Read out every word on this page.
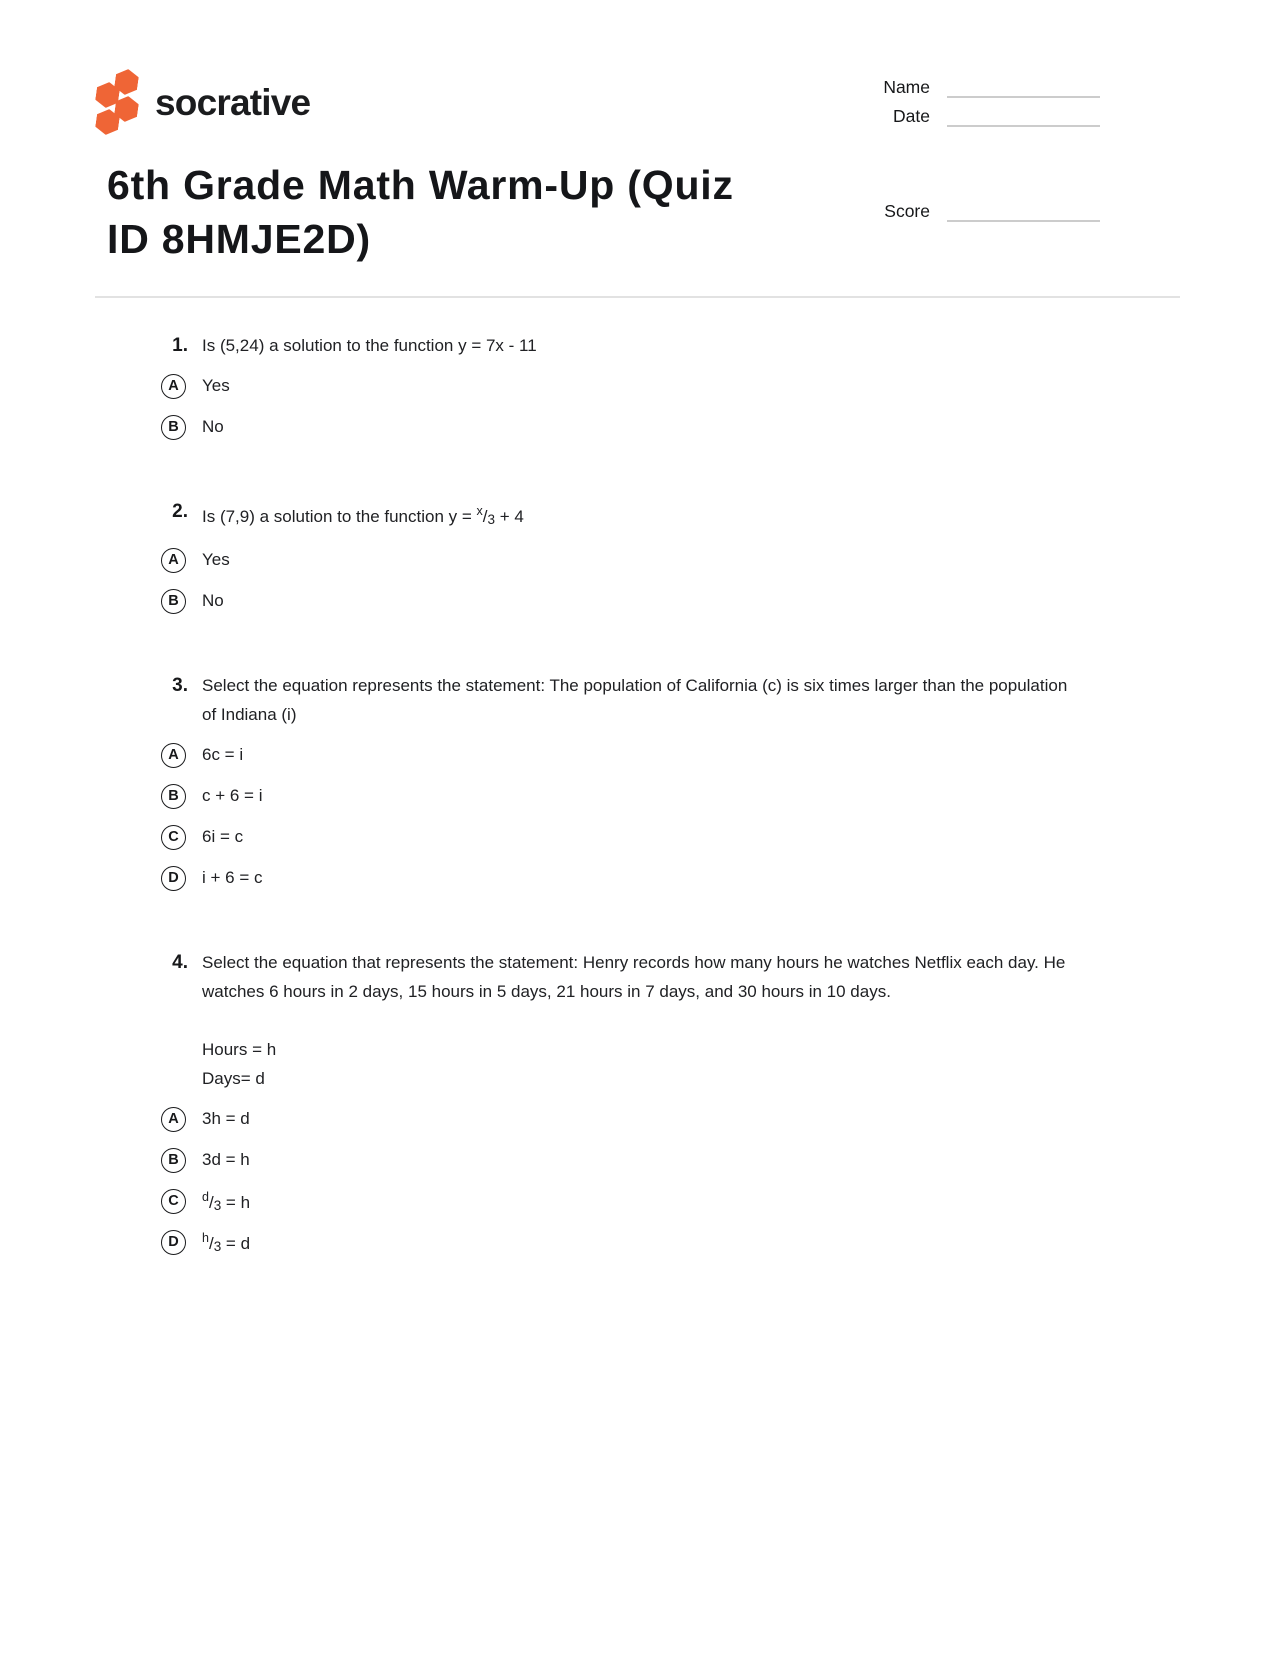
socrative	Name
Date
Score
6th Grade Math Warm-Up (Quiz
ID 8HMJE2D)
1. Is (5,24) a solution to the function y = 7x - 11

A	Yes
B	No
2. Is (7,9) a solution to the function y = $^x$/3 + 4

A	Yes
B	No
3. Select the equation represents the statement: The population of California (c) is six times larger than the population of Indiana (i)

A	6c = i
B	c + 6 = i
C	6i = c
D	i + 6 = c
4. Select the equation that represents the statement: Henry records how many hours he watches Netflix each day. He watches 6 hours in 2 days, 15 hours in 5 days, 21 hours in 7 days, and 30 hours in 10 days.

Hours = h

Days= d

A	3h = d
B	3d = h
C	$^d$/3 = h
D	$^h$/3 = d
